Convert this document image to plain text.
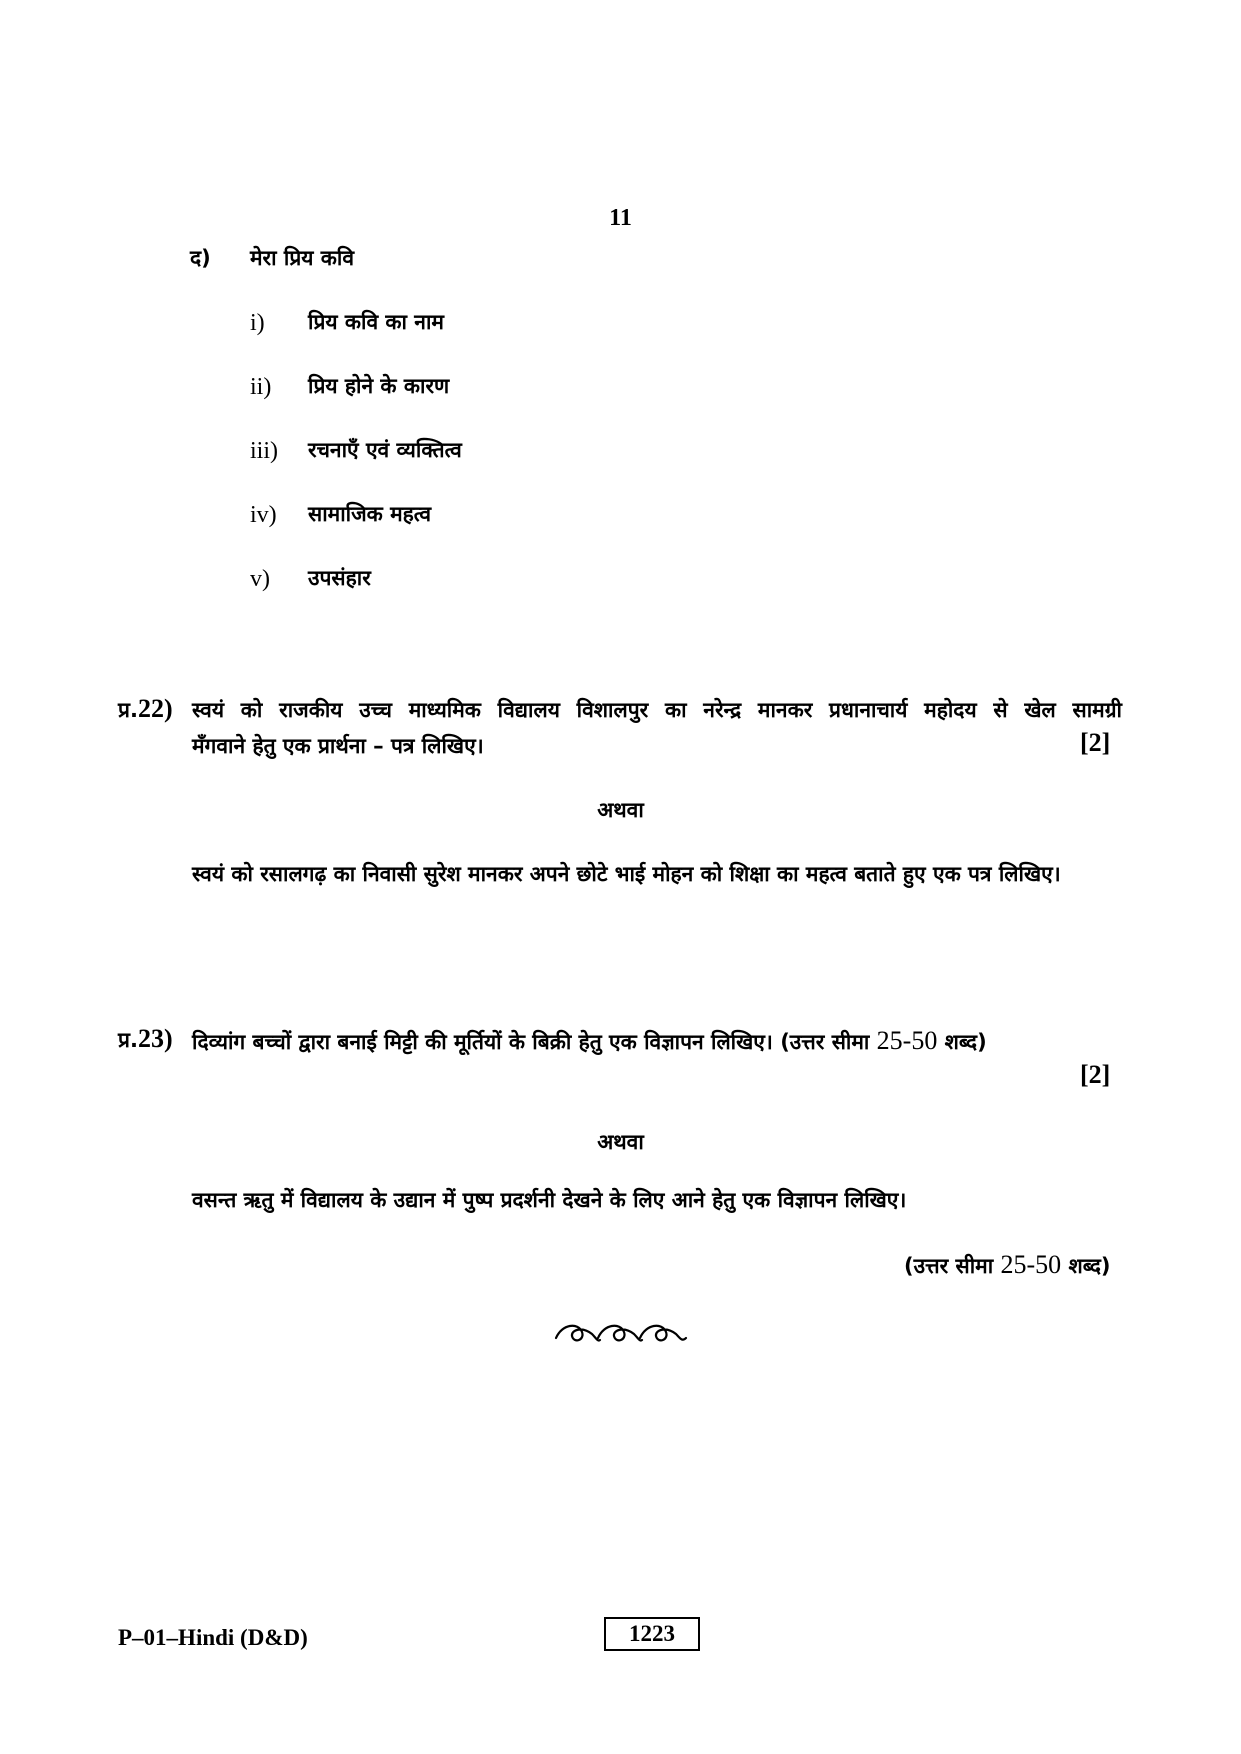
11
द) मेरा प्रिय कवि
i) प्रिय कवि का नाम
ii) प्रिय होने के कारण
iii) रचनाएँ एवं व्यक्तित्व
iv) सामाजिक महत्व
v) उपसंहार
प्र.22) स्वयं को राजकीय उच्च माध्यमिक विद्यालय विशालपुर का नरेन्द्र मानकर प्रधानाचार्य महोदय से खेल सामग्री
मँगवाने हेतु एक प्रार्थना – पत्र लिखिए।	[2]
अथवा
स्वयं को रसालगढ़ का निवासी सुरेश मानकर अपने छोटे भाई मोहन को शिक्षा का महत्व बताते हुए एक पत्र लिखिए।
प्र.23) दिव्यांग बच्चों द्वारा बनाई मिट्टी की मूर्तियों के बिक्री हेतु एक विज्ञापन लिखिए। (उत्तर सीमा 25-50 शब्द)
[2]
अथवा
वसन्त ऋतु में विद्यालय के उद्यान में पुष्प प्रदर्शनी देखने के लिए आने हेतु एक विज्ञापन लिखिए।
(उत्तर सीमा 25-50 शब्द)
P–01–Hindi (D&D)	1223
